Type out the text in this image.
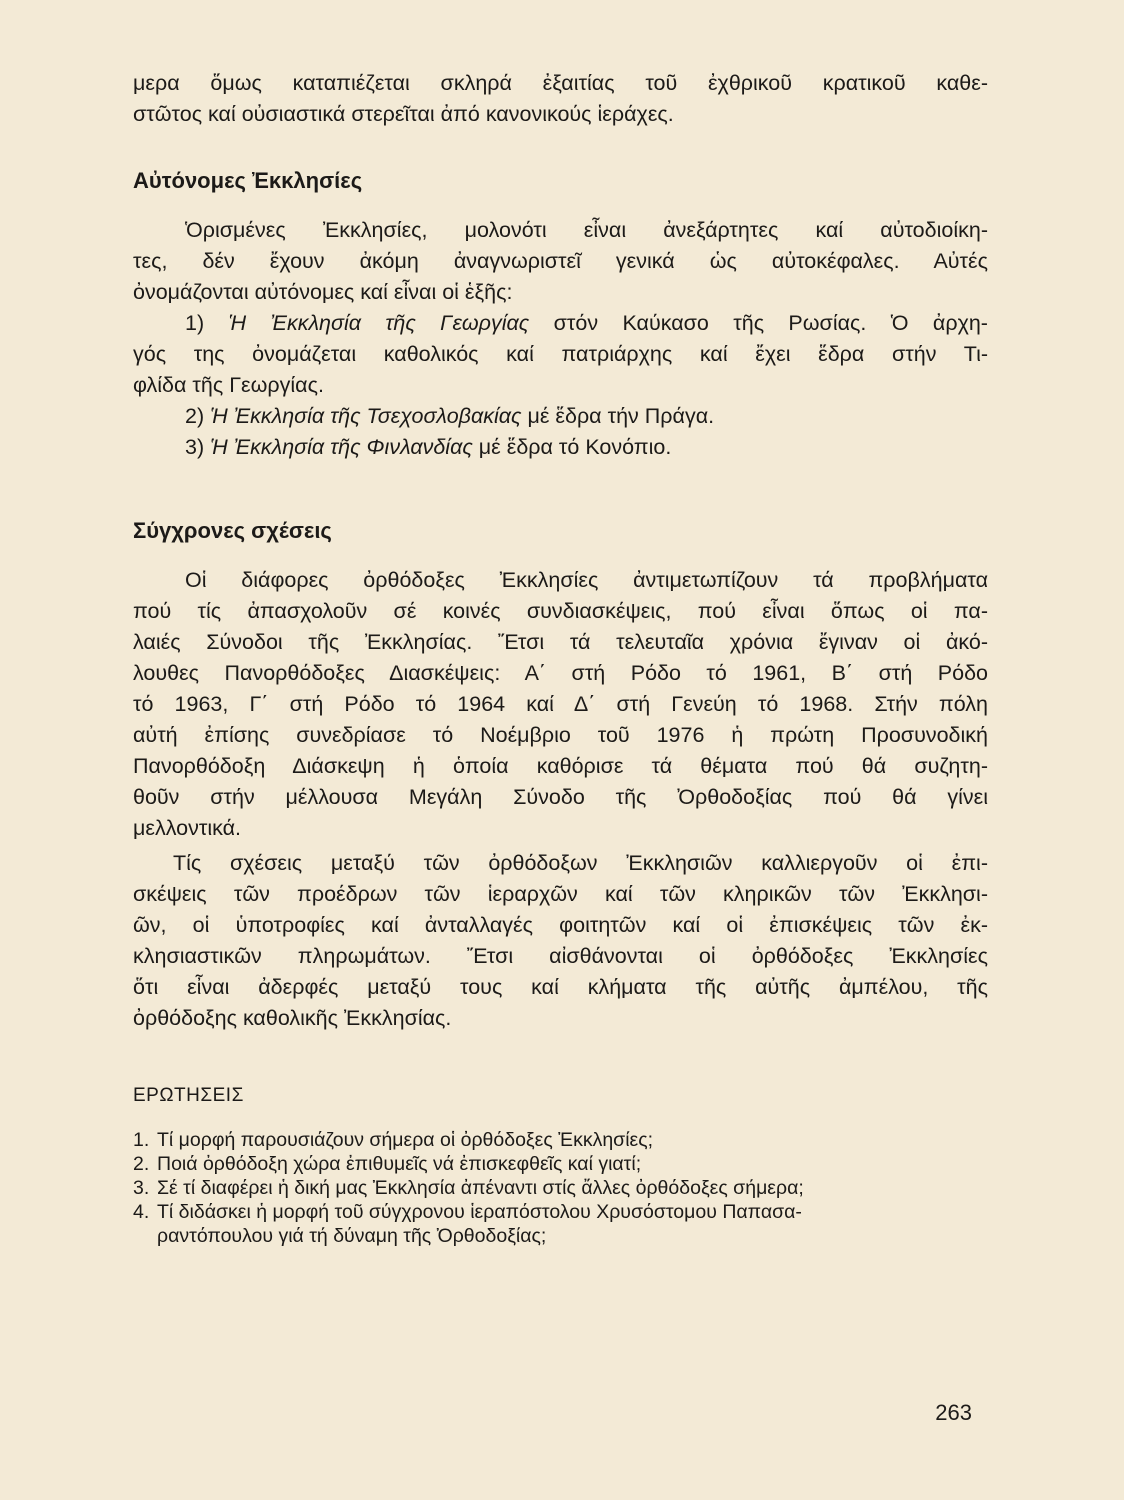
μερα ὅμως καταπιέζεται σκληρά ἐξαιτίας τοῦ ἐχθρικοῦ κρατικοῦ καθε-
στῶτος καί οὐσιαστικά στερεῖται ἀπό κανονικούς ἱεράχες.

Αὐτόνομες Ἐκκλησίες

Ὁρισμένες Ἐκκλησίες, μολονότι εἶναι ἀνεξάρτητες καί αὐτοδιοίκη-
τες, δέν ἔχουν ἀκόμη ἀναγνωριστεῖ γενικά ὡς αὐτοκέφαλες. Αὐτές
ὀνομάζονται αὐτόνομες καί εἶναι οἱ ἑξῆς:

1) Ἡ Ἐκκλησία τῆς Γεωργίας στόν Καύκασο τῆς Ρωσίας. Ὁ ἀρχη-
γός της ὀνομάζεται καθολικός καί πατριάρχης καί ἔχει ἕδρα στήν Τι-
φλίδα τῆς Γεωργίας.
2) Ἡ Ἐκκλησία τῆς Τσεχοσλοβακίας μέ ἕδρα τήν Πράγα.
3) Ἡ Ἐκκλησία τῆς Φινλανδίας μέ ἕδρα τό Κονόπιο.
Σύγχρονες σχέσεις

Οἱ διάφορες ὀρθόδοξες Ἐκκλησίες ἀντιμετωπίζουν τά προβλήματα
πού τίς ἀπασχολοῦν σέ κοινές συνδιασκέψεις, πού εἶναι ὅπως οἱ πα-
λαιές Σύνοδοι τῆς Ἐκκλησίας. Ἔτσι τά τελευταῖα χρόνια ἔγιναν οἱ ἀκό-
λουθες Πανορθόδοξες Διασκέψεις: Α΄ στή Ρόδο τό 1961, Β΄ στή Ρόδο
τό 1963, Γ΄ στή Ρόδο τό 1964 καί Δ΄ στή Γενεύη τό 1968. Στήν πόλη
αὐτή ἐπίσης συνεδρίασε τό Νοέμβριο τοῦ 1976 ἡ πρώτη Προσυνοδική
Πανορθόδοξη Διάσκεψη ἡ ὁποία καθόρισε τά θέματα πού θά συζητη-
θοῦν στήν μέλλουσα Μεγάλη Σύνοδο τῆς Ὀρθοδοξίας πού θά γίνει
μελλοντικά.

Τίς σχέσεις μεταξύ τῶν ὀρθόδοξων Ἐκκλησιῶν καλλιεργοῦν οἱ ἐπι-
σκέψεις τῶν προέδρων τῶν ἱεραρχῶν καί τῶν κληρικῶν τῶν Ἐκκλησι-
ῶν, οἱ ὑποτροφίες καί ἀνταλλαγές φοιτητῶν καί οἱ ἐπισκέψεις τῶν ἐκ-
κλησιαστικῶν πληρωμάτων. Ἔτσι αἰσθάνονται οἱ ὀρθόδοξες Ἐκκλησίες
ὅτι εἶναι ἀδερφές μεταξύ τους καί κλήματα τῆς αὐτῆς ἀμπέλου, τῆς
ὀρθόδοξης καθολικῆς Ἐκκλησίας.

ΕΡΩΤΗΣΕΙΣ
1. Τί μορφή παρουσιάζουν σήμερα οἱ ὀρθόδοξες Ἐκκλησίες;
2. Ποιά ὀρθόδοξη χώρα ἐπιθυμεῖς νά ἐπισκεφθεῖς καί γιατί;
3. Σέ τί διαφέρει ἡ δική μας Ἐκκλησία ἀπέναντι στίς ἄλλες ὀρθόδοξες σήμερα;
4. Τί διδάσκει ἡ μορφή τοῦ σύγχρονου ἱεραπόστολου Χρυσόστομου Παπασα-
ραντόπουλου γιά τή δύναμη τῆς Ὀρθοδοξίας;
263
